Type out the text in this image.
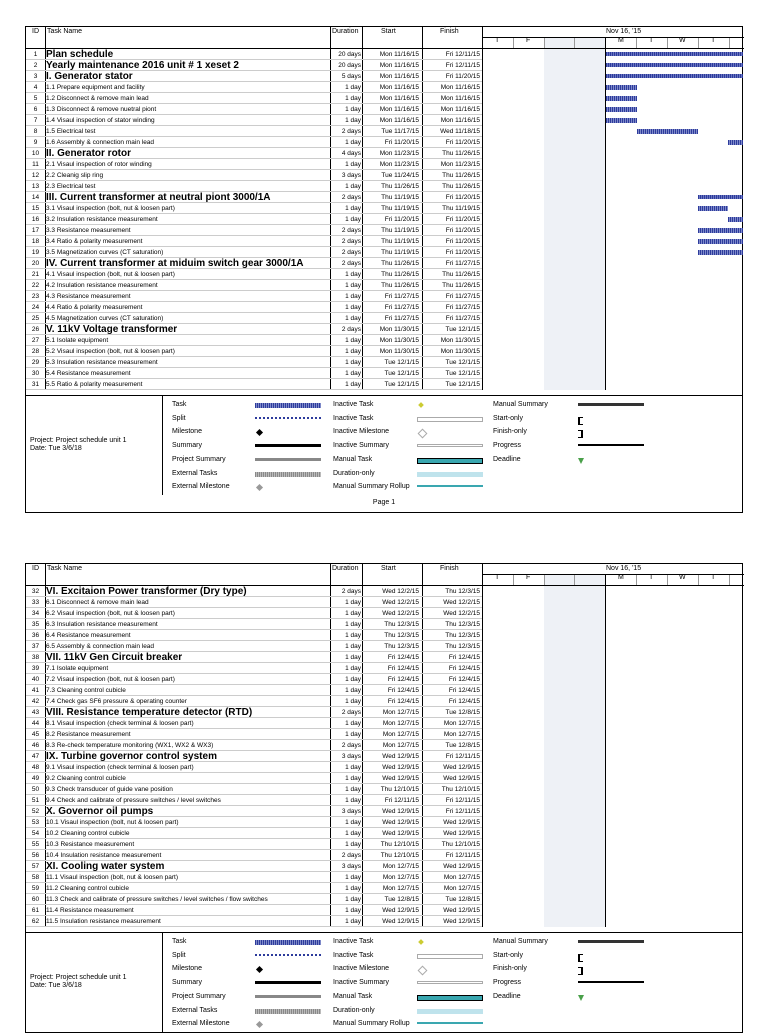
ID Task Name	Duration	Start	Finish	Nov 16, '15
T	F	M	T	W	T
1 Plan schedule	20 days	Mon 11/16/15	Fri 12/11/15
2 Yearly maintenance 2016 unit # 1 xeset 2	20 days	Mon 11/16/15	Fri 12/11/15
3 I. Generator stator	5 days	Mon 11/16/15	Fri 11/20/15
4	1.1 Prepare equipment and facility	1 day	Mon 11/16/15	Mon 11/16/15
5	1.2 Disconnect & remove main lead	1 day	Mon 11/16/15	Mon 11/16/15
6	1.3 Disconnect & remove nuetral piont	1 day	Mon 11/16/15	Mon 11/16/15
7	1.4 Visaul inspection of stator winding	1 day	Mon 11/16/15	Mon 11/16/15
8	1.5 Electrical test	2 days	Tue 11/17/15	Wed 11/18/15
9	1.6 Assembly & connection main lead	1 day	Fri 11/20/15	Fri 11/20/15
10 II. Generator rotor	4 days	Mon 11/23/15	Thu 11/26/15
11	2.1 Visaul inspection of rotor winding	1 day	Mon 11/23/15	Mon 11/23/15
12	2.2 Cleanig slip ring	3 days	Tue 11/24/15	Thu 11/26/15
13	2.3 Electrical test	1 day	Thu 11/26/15	Thu 11/26/15
14 III. Current transformer at neutral piont 3000/1A	2 days	Thu 11/19/15	Fri 11/20/15
15	3.1 Visaul inspection (bolt, nut & loosen part)	1 day	Thu 11/19/15	Thu 11/19/15
16	3.2 Insulation resistance measurement	1 day	Fri 11/20/15	Fri 11/20/15
17	3.3 Resistance measurement	2 days	Thu 11/19/15	Fri 11/20/15
18	3.4 Ratio & polarity measurement	2 days	Thu 11/19/15	Fri 11/20/15
19	3.5 Magnetization curves (CT saturation)	2 days	Thu 11/19/15	Fri 11/20/15
20 IV. Current transformer at miduim switch gear 3000/1A	2 days	Thu 11/26/15	Fri 11/27/15
21	4.1 Visaul inspection (bolt, nut & loosen part)	1 day	Thu 11/26/15	Thu 11/26/15
22	4.2 Insulation resistance measurement	1 day	Thu 11/26/15	Thu 11/26/15
23	4.3 Resistance measurement	1 day	Fri 11/27/15	Fri 11/27/15
24	4.4 Ratio & polarity measurement	1 day	Fri 11/27/15	Fri 11/27/15
25	4.5 Magnetization curves (CT saturation)	1 day	Fri 11/27/15	Fri 11/27/15
26 V. 11kV Voltage transformer	2 days	Mon 11/30/15	Tue 12/1/15
27	5.1 Isolate equipment	1 day	Mon 11/30/15	Mon 11/30/15
28	5.2 Visaul inspection (bolt, nut & loosen part)	1 day	Mon 11/30/15	Mon 11/30/15
29	5.3 Insulation resistance measurement	1 day	Tue 12/1/15	Tue 12/1/15
30	5.4 Resistance measurement	1 day	Tue 12/1/15	Tue 12/1/15
31	5.5 Ratio & polarity measurement	1 day	Tue 12/1/15	Tue 12/1/15
Project: Project schedule unit 1
Date: Tue 3/6/18
Task
Split
Milestone
Summary
Project Summary
External Tasks
External Milestone
Inactive Task
Inactive Task
Inactive Milestone
Inactive Summary
Manual Task
Duration-only
Manual Summary Rollup
Manual Summary
Start-only
Finish-only
Progress
Deadline
Page 1
ID Task Name	Duration	Start	Finish	Nov 16, '15
T	F	M	T	W	T
32 VI. Excitaion Power transformer (Dry type)	2 days	Wed 12/2/15	Thu 12/3/15
33	6.1 Disconnect & remove main lead	1 day	Wed 12/2/15	Wed 12/2/15
34	6.2 Visaul inspection (bolt, nut & loosen part)	1 day	Wed 12/2/15	Wed 12/2/15
35	6.3 Insulation resistance measurement	1 day	Thu 12/3/15	Thu 12/3/15
36	6.4 Resistance measurement	1 day	Thu 12/3/15	Thu 12/3/15
37	6.5 Assembly & connection main lead	1 day	Thu 12/3/15	Thu 12/3/15
38 VII. 11kV Gen Circuit breaker	1 day	Fri 12/4/15	Fri 12/4/15
39	7.1 Isolate equipment	1 day	Fri 12/4/15	Fri 12/4/15
40	7.2 Visaul inspection (bolt, nut & loosen part)	1 day	Fri 12/4/15	Fri 12/4/15
41	7.3 Cleaning control cubicle	1 day	Fri 12/4/15	Fri 12/4/15
42	7.4 Check gas SF6 pressure & operating counter	1 day	Fri 12/4/15	Fri 12/4/15
43 VIII. Resistance temperature detector (RTD)	2 days	Mon 12/7/15	Tue 12/8/15
44	8.1 Visaul inspection (check terminal & loosen part)	1 day	Mon 12/7/15	Mon 12/7/15
45	8.2 Resistance measurement	1 day	Mon 12/7/15	Mon 12/7/15
46	8.3 Re-check temperature monitoring (WX1, WX2 & WX3)	2 days	Mon 12/7/15	Tue 12/8/15
47 IX. Turbine governor control system	3 days	Wed 12/9/15	Fri 12/11/15
48	9.1 Visaul inspection (check terminal & loosen part)	1 day	Wed 12/9/15	Wed 12/9/15
49	9.2 Cleaning control cubicle	1 day	Wed 12/9/15	Wed 12/9/15
50	9.3 Check transducer of guide vane position	1 day	Thu 12/10/15	Thu 12/10/15
51	9.4 Check and calibrate of pressure switches / level switches	1 day	Fri 12/11/15	Fri 12/11/15
52 X. Governor oil pumps	3 days	Wed 12/9/15	Fri 12/11/15
53	10.1 Visaul inspection (bolt, nut & loosen part)	1 day	Wed 12/9/15	Wed 12/9/15
54	10.2 Cleaning control cubicle	1 day	Wed 12/9/15	Wed 12/9/15
55	10.3 Resistance measurement	1 day	Thu 12/10/15	Thu 12/10/15
56	10.4 Insulation resistance measurement	2 days	Thu 12/10/15	Fri 12/11/15
57 XI. Cooling water system	3 days	Mon 12/7/15	Wed 12/9/15
58	11.1 Visaul inspection (bolt, nut & loosen part)	1 day	Mon 12/7/15	Mon 12/7/15
59	11.2 Cleaning control cubicle	1 day	Mon 12/7/15	Mon 12/7/15
60	11.3 Check and calibrate of pressure switches / level switches / flow switches	1 day	Tue 12/8/15	Tue 12/8/15
61	11.4 Resistance measurement	1 day	Wed 12/9/15	Wed 12/9/15
62	11.5 Insulation resistance measurement	1 day	Wed 12/9/15	Wed 12/9/15
Project: Project schedule unit 1
Date: Tue 3/6/18
Task
Split
Milestone
Summary
Project Summary
External Tasks
External Milestone
Inactive Task
Inactive Task
Inactive Milestone
Inactive Summary
Manual Task
Duration-only
Manual Summary Rollup
Manual Summary
Start-only
Finish-only
Progress
Deadline
